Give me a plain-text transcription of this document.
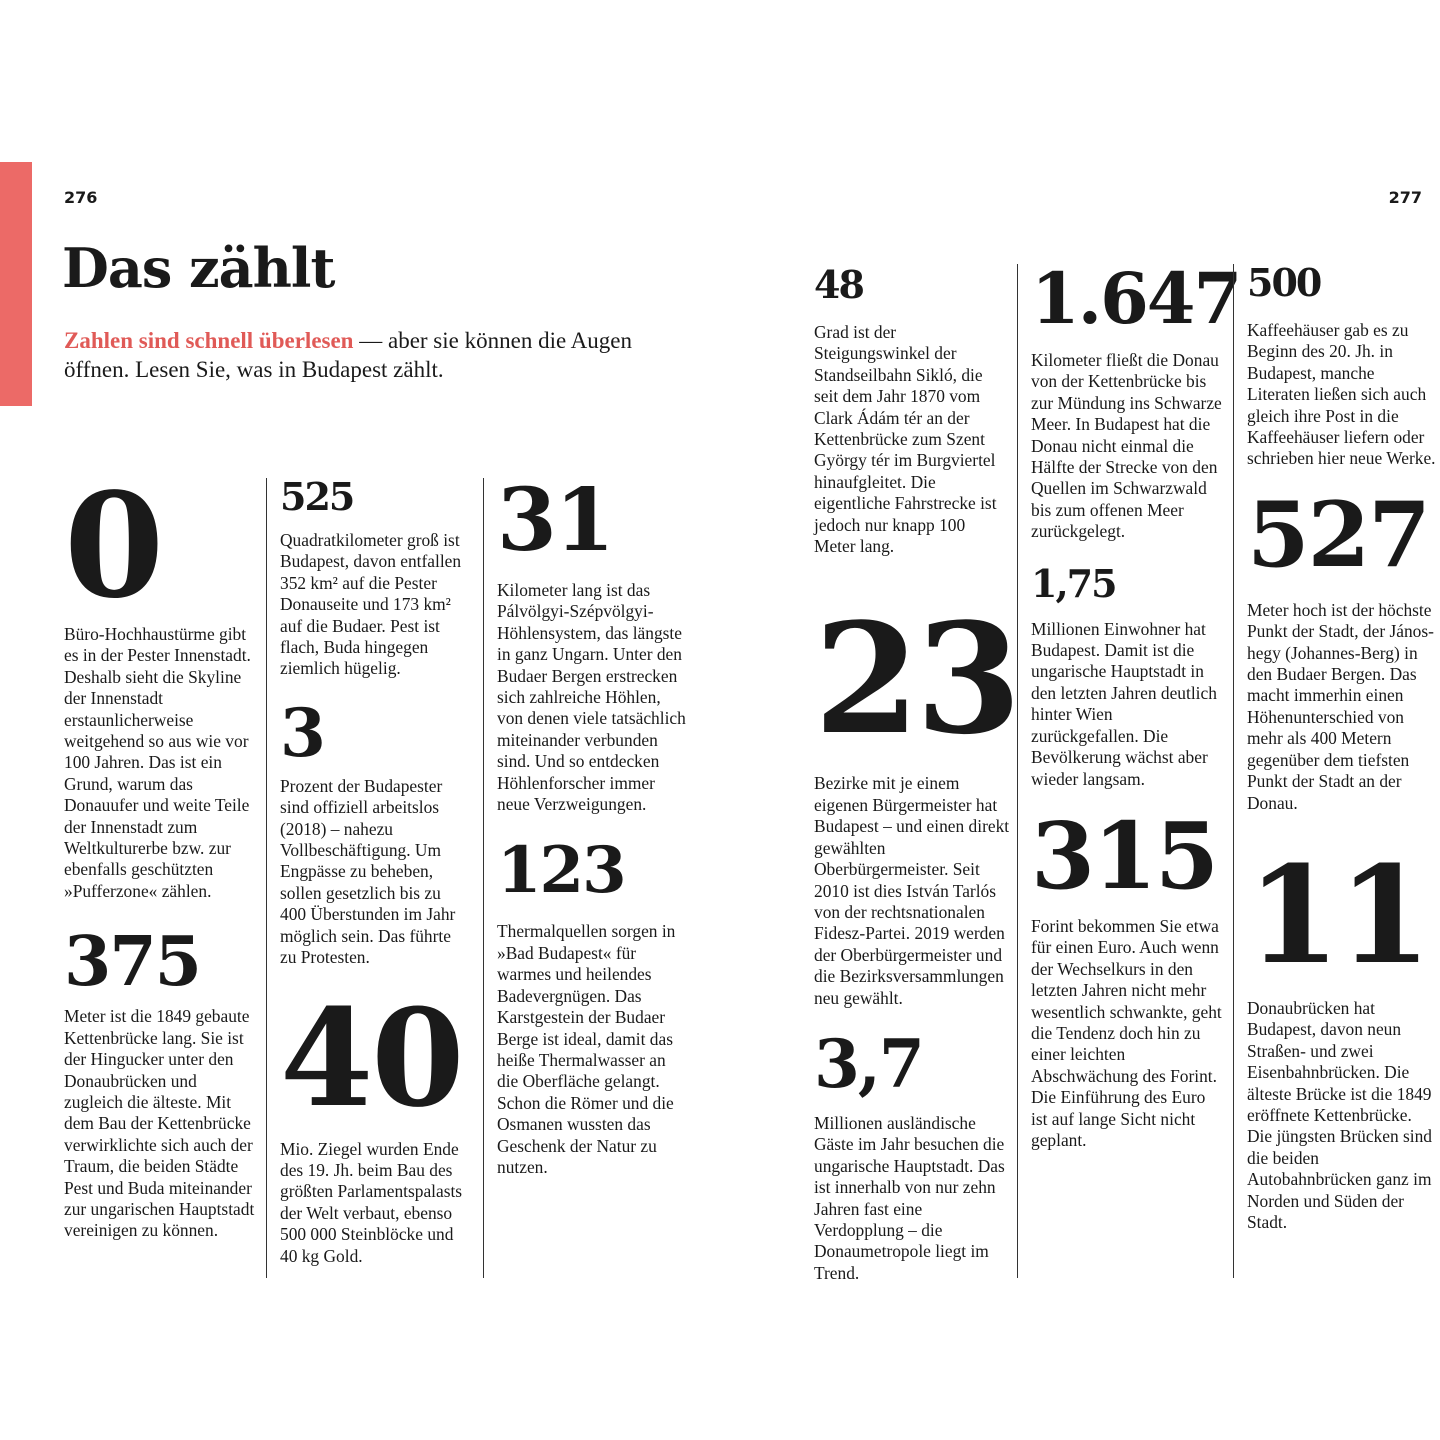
276	277
Das zählt

Zahlen sind schnell überlesen — aber sie können die Augen öffnen. Lesen Sie, was in Budapest zählt.

0
Büro-Hochhaustürme gibt es in der Pester Innenstadt. Deshalb sieht die Skyline der Innenstadt erstaunlicherweise weitgehend so aus wie vor 100 Jahren. Das ist ein Grund, warum das Donauufer und weite Teile der Innenstadt zum Weltkulturerbe bzw. zur ebenfalls geschützten »Pufferzone« zählen.
375
Meter ist die 1849 gebaute Kettenbrücke lang. Sie ist der Hingucker unter den Donaubrücken und zugleich die älteste. Mit dem Bau der Kettenbrücke verwirklichte sich auch der Traum, die beiden Städte Pest und Buda miteinander zur ungarischen Hauptstadt vereinigen zu können.
525
Quadratkilometer groß ist Budapest, davon entfallen 352 km² auf die Pester Donauseite und 173 km² auf die Budaer. Pest ist flach, Buda hingegen ziemlich hügelig.
3
Prozent der Budapester sind offiziell arbeitslos (2018) – nahezu Vollbeschäftigung. Um Engpässe zu beheben, sollen gesetzlich bis zu 400 Überstunden im Jahr möglich sein. Das führte zu Protesten.
40
Mio. Ziegel wurden Ende des 19. Jh. beim Bau des größten Parlamentspalasts der Welt verbaut, ebenso 500 000 Steinblöcke und 40 kg Gold.
31
Kilometer lang ist das Pálvölgyi-Szépvölgyi-Höhlensystem, das längste in ganz Ungarn. Unter den Budaer Bergen erstrecken sich zahlreiche Höhlen, von denen viele tatsächlich miteinander verbunden sind. Und so entdecken Höhlenforscher immer neue Verzweigungen.
123
Thermalquellen sorgen in »Bad Budapest« für warmes und heilendes Badevergnügen. Das Karstgestein der Budaer Berge ist ideal, damit das heiße Thermalwasser an die Oberfläche gelangt. Schon die Römer und die Osmanen wussten das Geschenk der Natur zu nutzen.
48
Grad ist der Steigungswinkel der Standseilbahn Sikló, die seit dem Jahr 1870 vom Clark Ádám tér an der Kettenbrücke zum Szent György tér im Burgviertel hinaufgleitet. Die eigentliche Fahrstrecke ist jedoch nur knapp 100 Meter lang.
23
Bezirke mit je einem eigenen Bürgermeister hat Budapest – und einen direkt gewählten Oberbürgermeister. Seit 2010 ist dies István Tarlós von der rechtsnationalen Fidesz-Partei. 2019 werden der Oberbürgermeister und die Bezirksversammlungen neu gewählt.
3,7
Millionen ausländische Gäste im Jahr besuchen die ungarische Hauptstadt. Das ist innerhalb von nur zehn Jahren fast eine Verdopplung – die Donaumetropole liegt im Trend.
1.647
Kilometer fließt die Donau von der Kettenbrücke bis zur Mündung ins Schwarze Meer. In Budapest hat die Donau nicht einmal die Hälfte der Strecke von den Quellen im Schwarzwald bis zum offenen Meer zurückgelegt.
1,75
Millionen Einwohner hat Budapest. Damit ist die ungarische Hauptstadt in den letzten Jahren deutlich hinter Wien zurückgefallen. Die Bevölkerung wächst aber wieder langsam.
315
Forint bekommen Sie etwa für einen Euro. Auch wenn der Wechselkurs in den letzten Jahren nicht mehr wesentlich schwankte, geht die Tendenz doch hin zu einer leichten Abschwächung des Forint. Die Einführung des Euro ist auf lange Sicht nicht geplant.
500
Kaffeehäuser gab es zu Beginn des 20. Jh. in Budapest, manche Literaten ließen sich auch gleich ihre Post in die Kaffeehäuser liefern oder schrieben hier neue Werke.
527
Meter hoch ist der höchste Punkt der Stadt, der János-hegy (Johannes-Berg) in den Budaer Bergen. Das macht immerhin einen Höhenunterschied von mehr als 400 Metern gegenüber dem tiefsten Punkt der Stadt an der Donau.
11
Donaubrücken hat Budapest, davon neun Straßen- und zwei Eisenbahnbrücken. Die älteste Brücke ist die 1849 eröffnete Kettenbrücke. Die jüngsten Brücken sind die beiden Autobahnbrücken ganz im Norden und Süden der Stadt.
